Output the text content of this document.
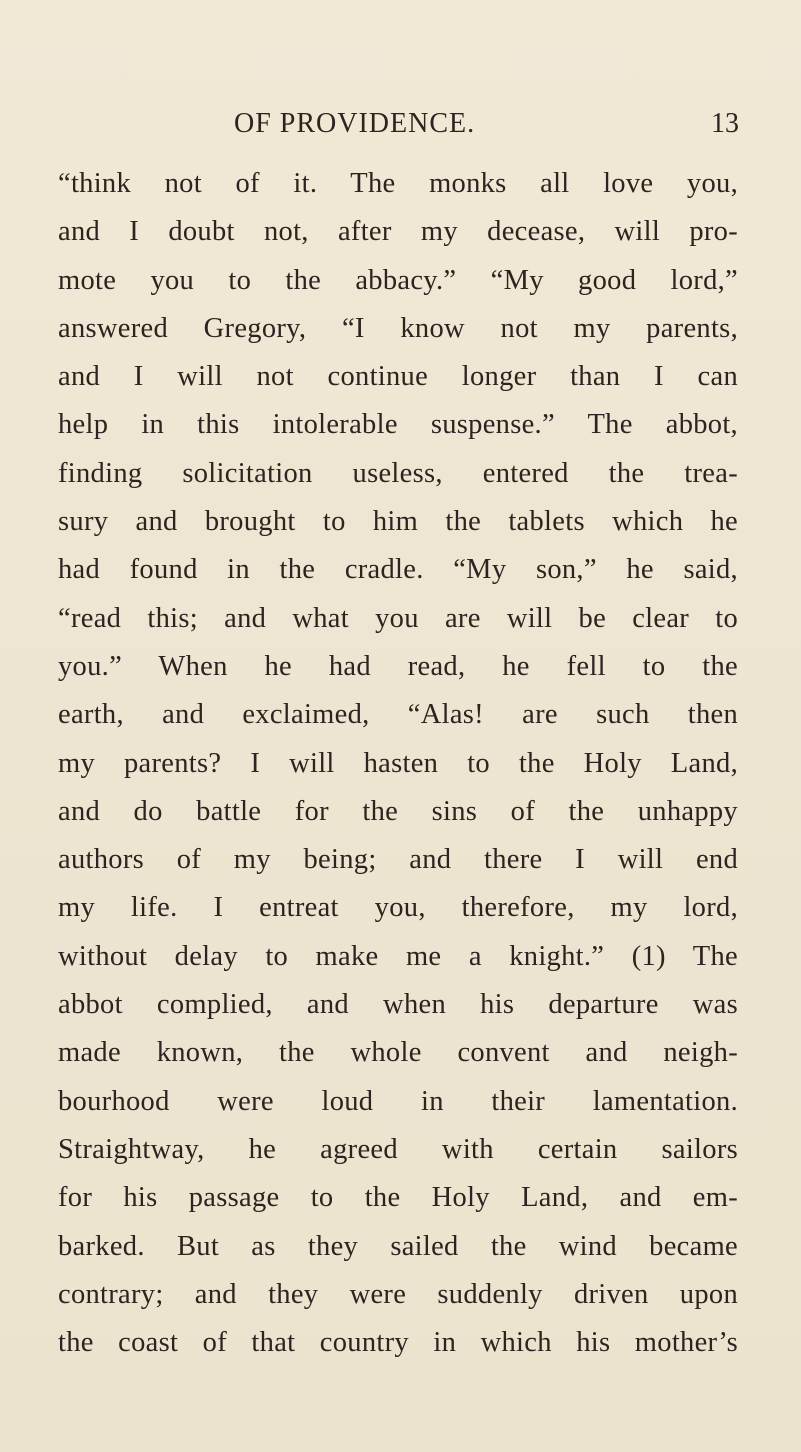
OF PROVIDENCE.	13
“think not of it. The monks all love you,
and I doubt not, after my decease, will pro-
mote you to the abbacy.” “My good lord,”
answered Gregory, “I know not my parents,
and I will not continue longer than I can
help in this intolerable suspense.” The abbot,
finding solicitation useless, entered the trea-
sury and brought to him the tablets which he
had found in the cradle. “My son,” he said,
“read this; and what you are will be clear to
you.” When he had read, he fell to the
earth, and exclaimed, “Alas! are such then
my parents? I will hasten to the Holy Land,
and do battle for the sins of the unhappy
authors of my being; and there I will end
my life. I entreat you, therefore, my lord,
without delay to make me a knight.” (1) The
abbot complied, and when his departure was
made known, the whole convent and neigh-
bourhood were loud in their lamentation.
Straightway, he agreed with certain sailors
for his passage to the Holy Land, and em-
barked. But as they sailed the wind became
contrary; and they were suddenly driven upon
the coast of that country in which his mother’s
